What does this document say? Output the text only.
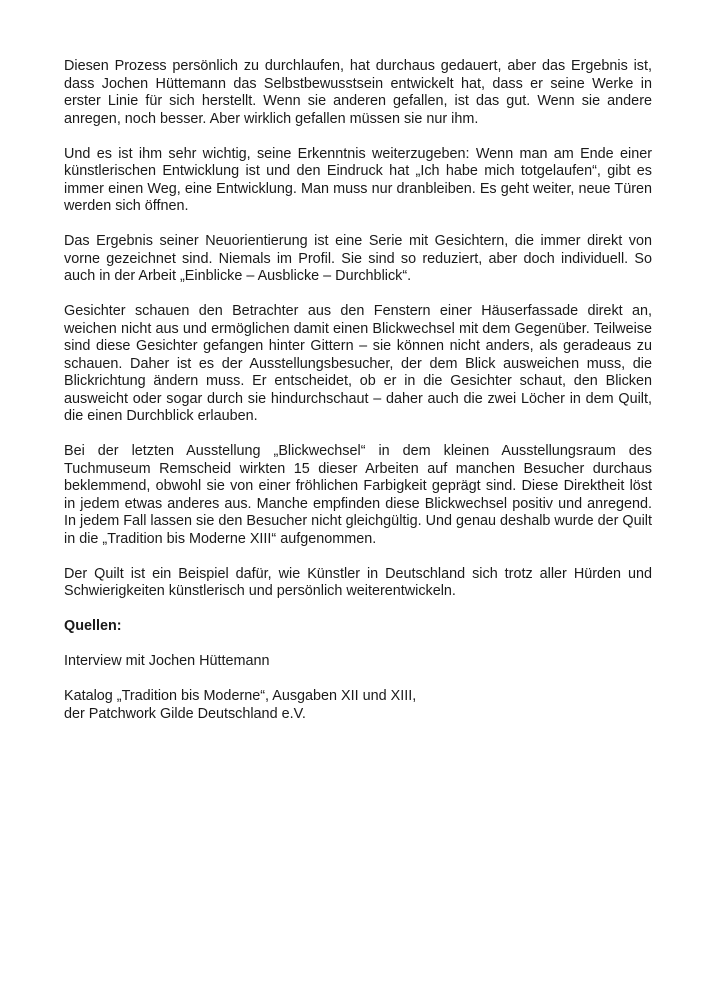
Diesen Prozess persönlich zu durchlaufen, hat durchaus gedauert, aber das Ergebnis ist, dass Jochen Hüttemann das Selbstbewusstsein entwickelt hat, dass er seine Werke in erster Linie für sich herstellt. Wenn sie anderen gefallen, ist das gut. Wenn sie andere anregen, noch besser. Aber wirklich gefallen müssen sie nur ihm.

Und es ist ihm sehr wichtig, seine Erkenntnis weiterzugeben: Wenn man am Ende einer künstlerischen Entwicklung ist und den Eindruck hat „Ich habe mich totgelaufen“, gibt es immer einen Weg, eine Entwicklung. Man muss nur dranbleiben. Es geht weiter, neue Türen werden sich öffnen.

Das Ergebnis seiner Neuorientierung ist eine Serie mit Gesichtern, die immer direkt von vorne gezeichnet sind. Niemals im Profil. Sie sind so reduziert, aber doch individuell. So auch in der Arbeit „Einblicke – Ausblicke – Durchblick“.

Gesichter schauen den Betrachter aus den Fenstern einer Häuserfassade direkt an, weichen nicht aus und ermöglichen damit einen Blickwechsel mit dem Gegenüber. Teilweise sind diese Gesichter gefangen hinter Gittern – sie können nicht anders, als geradeaus zu schauen. Daher ist es der Ausstellungsbesucher, der dem Blick ausweichen muss, die Blickrichtung ändern muss. Er entscheidet, ob er in die Gesichter schaut, den Blicken ausweicht oder sogar durch sie hindurchschaut – daher auch die zwei Löcher in dem Quilt, die einen Durchblick erlauben.

Bei der letzten Ausstellung „Blickwechsel“ in dem kleinen Ausstellungsraum des Tuchmuseum Remscheid wirkten 15 dieser Arbeiten auf manchen Besucher durchaus beklemmend, obwohl sie von einer fröhlichen Farbigkeit geprägt sind. Diese Direktheit löst in jedem etwas anderes aus. Manche empfinden diese Blickwechsel positiv und anregend. In jedem Fall lassen sie den Besucher nicht gleichgültig. Und genau deshalb wurde der Quilt in die „Tradition bis Moderne XIII“ aufgenommen.

Der Quilt ist ein Beispiel dafür, wie Künstler in Deutschland sich trotz aller Hürden und Schwierigkeiten künstlerisch und persönlich weiterentwickeln.

Quellen:

Interview mit Jochen Hüttemann

Katalog „Tradition bis Moderne“, Ausgaben XII und XIII,
der Patchwork Gilde Deutschland e.V.
